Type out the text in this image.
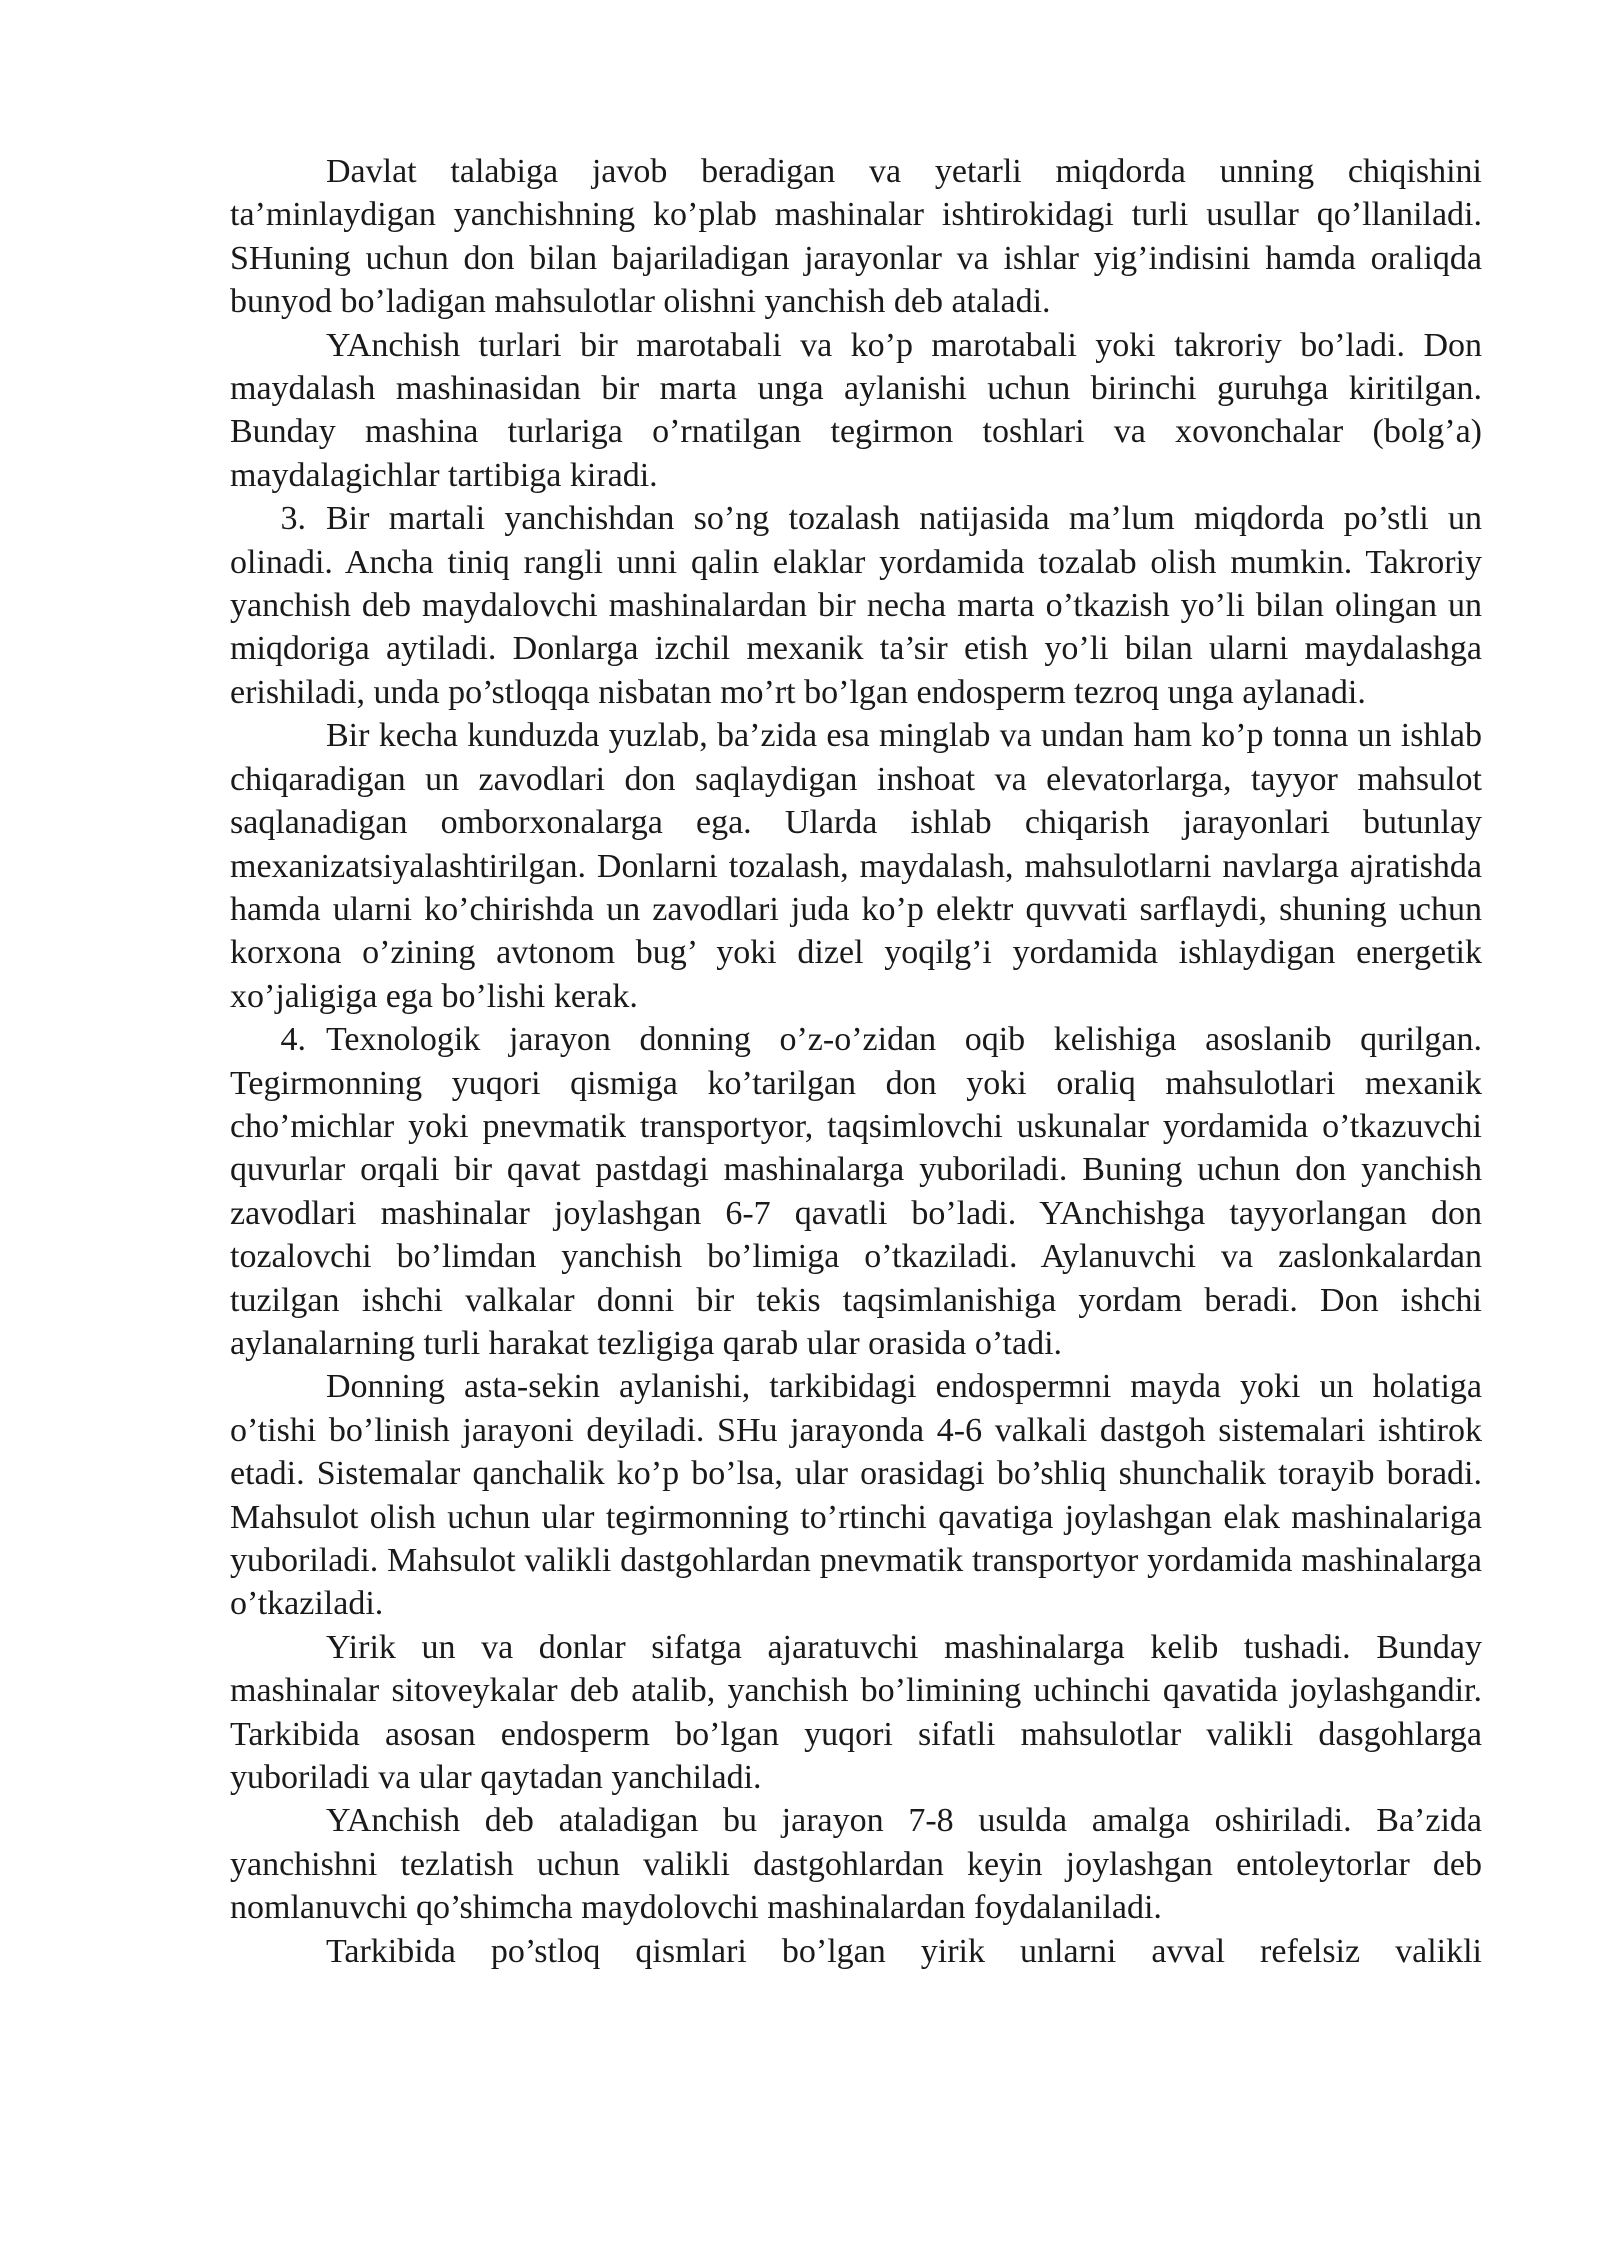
Davlat talabiga javob beradigan va yetarli miqdorda unning chiqishini ta’minlaydigan yanchishning ko’plab mashinalar ishtirokidagi turli usullar qo’llaniladi. SHuning uchun don bilan bajariladigan jarayonlar va ishlar yig’indisini hamda oraliqda bunyod bo’ladigan mahsulotlar olishni yanchish deb ataladi.

YAnchish turlari bir marotabali va ko’p marotabali yoki takroriy bo’ladi. Don maydalash mashinasidan bir marta unga aylanishi uchun birinchi guruhga kiritilgan. Bunday mashina turlariga o’rnatilgan tegirmon toshlari va xovonchalar (bolg’a) maydalagichlar tartibiga kiradi.

3. Bir martali yanchishdan so’ng tozalash natijasida ma’lum miqdorda po’stli un olinadi. Ancha tiniq rangli unni qalin elaklar yordamida tozalab olish mumkin. Takroriy yanchish deb maydalovchi mashinalardan bir necha marta o’tkazish yo’li bilan olingan un miqdoriga aytiladi. Donlarga izchil mexanik ta’sir etish yo’li bilan ularni maydalashga erishiladi, unda po’stloqqa nisbatan mo’rt bo’lgan endosperm tezroq unga aylanadi.

Bir kecha kunduzda yuzlab, ba’zida esa minglab va undan ham ko’p tonna un ishlab chiqaradigan un zavodlari don saqlaydigan inshoat va elevatorlarga, tayyor mahsulot saqlanadigan omborxonalarga ega. Ularda ishlab chiqarish jarayonlari butunlay mexanizatsiyalashtirilgan. Donlarni tozalash, maydalash, mahsulotlarni navlarga ajratishda hamda ularni ko’chirishda un zavodlari juda ko’p elektr quvvati sarflaydi, shuning uchun korxona o’zining avtonom bug’ yoki dizel yoqilg’i yordamida ishlaydigan energetik xo’jaligiga ega bo’lishi kerak.

4. Texnologik jarayon donning o’z-o’zidan oqib kelishiga asoslanib qurilgan. Tegirmonning yuqori qismiga ko’tarilgan don yoki oraliq mahsulotlari mexanik cho’michlar yoki pnevmatik transportyor, taqsimlovchi uskunalar yordamida o’tkazuvchi quvurlar orqali bir qavat pastdagi mashinalarga yuboriladi. Buning uchun don yanchish zavodlari mashinalar joylashgan 6-7 qavatli bo’ladi. YAnchishga tayyorlangan don tozalovchi bo’limdan yanchish bo’limiga o’tkaziladi. Aylanuvchi va zaslonkalardan tuzilgan ishchi valkalar donni bir tekis taqsimlanishiga yordam beradi. Don ishchi aylanalarning turli harakat tezligiga qarab ular orasida o’tadi.

Donning asta-sekin aylanishi, tarkibidagi endospermni mayda yoki un holatiga o’tishi bo’linish jarayoni deyiladi. SHu jarayonda 4-6 valkali dastgoh sistemalari ishtirok etadi. Sistemalar qanchalik ko’p bo’lsa, ular orasidagi bo’shliq shunchalik torayib boradi. Mahsulot olish uchun ular tegirmonning to’rtinchi qavatiga joylashgan elak mashinalariga yuboriladi. Mahsulot valikli dastgohlardan pnevmatik transportyor yordamida mashinalarga o’tkaziladi.

Yirik un va donlar sifatga ajaratuvchi mashinalarga kelib tushadi. Bunday mashinalar sitoveykalar deb atalib, yanchish bo’limining uchinchi qavatida joylashgandir. Tarkibida asosan endosperm bo’lgan yuqori sifatli mahsulotlar valikli dasgohlarga yuboriladi va ular qaytadan yanchiladi.

YAnchish deb ataladigan bu jarayon 7-8 usulda amalga oshiriladi. Ba’zida yanchishni tezlatish uchun valikli dastgohlardan keyin joylashgan entoleytorlar deb nomlanuvchi qo’shimcha maydolovchi mashinalardan foydalaniladi.

Tarkibida po’stloq qismlari bo’lgan yirik unlarni avval refelsiz valikli
